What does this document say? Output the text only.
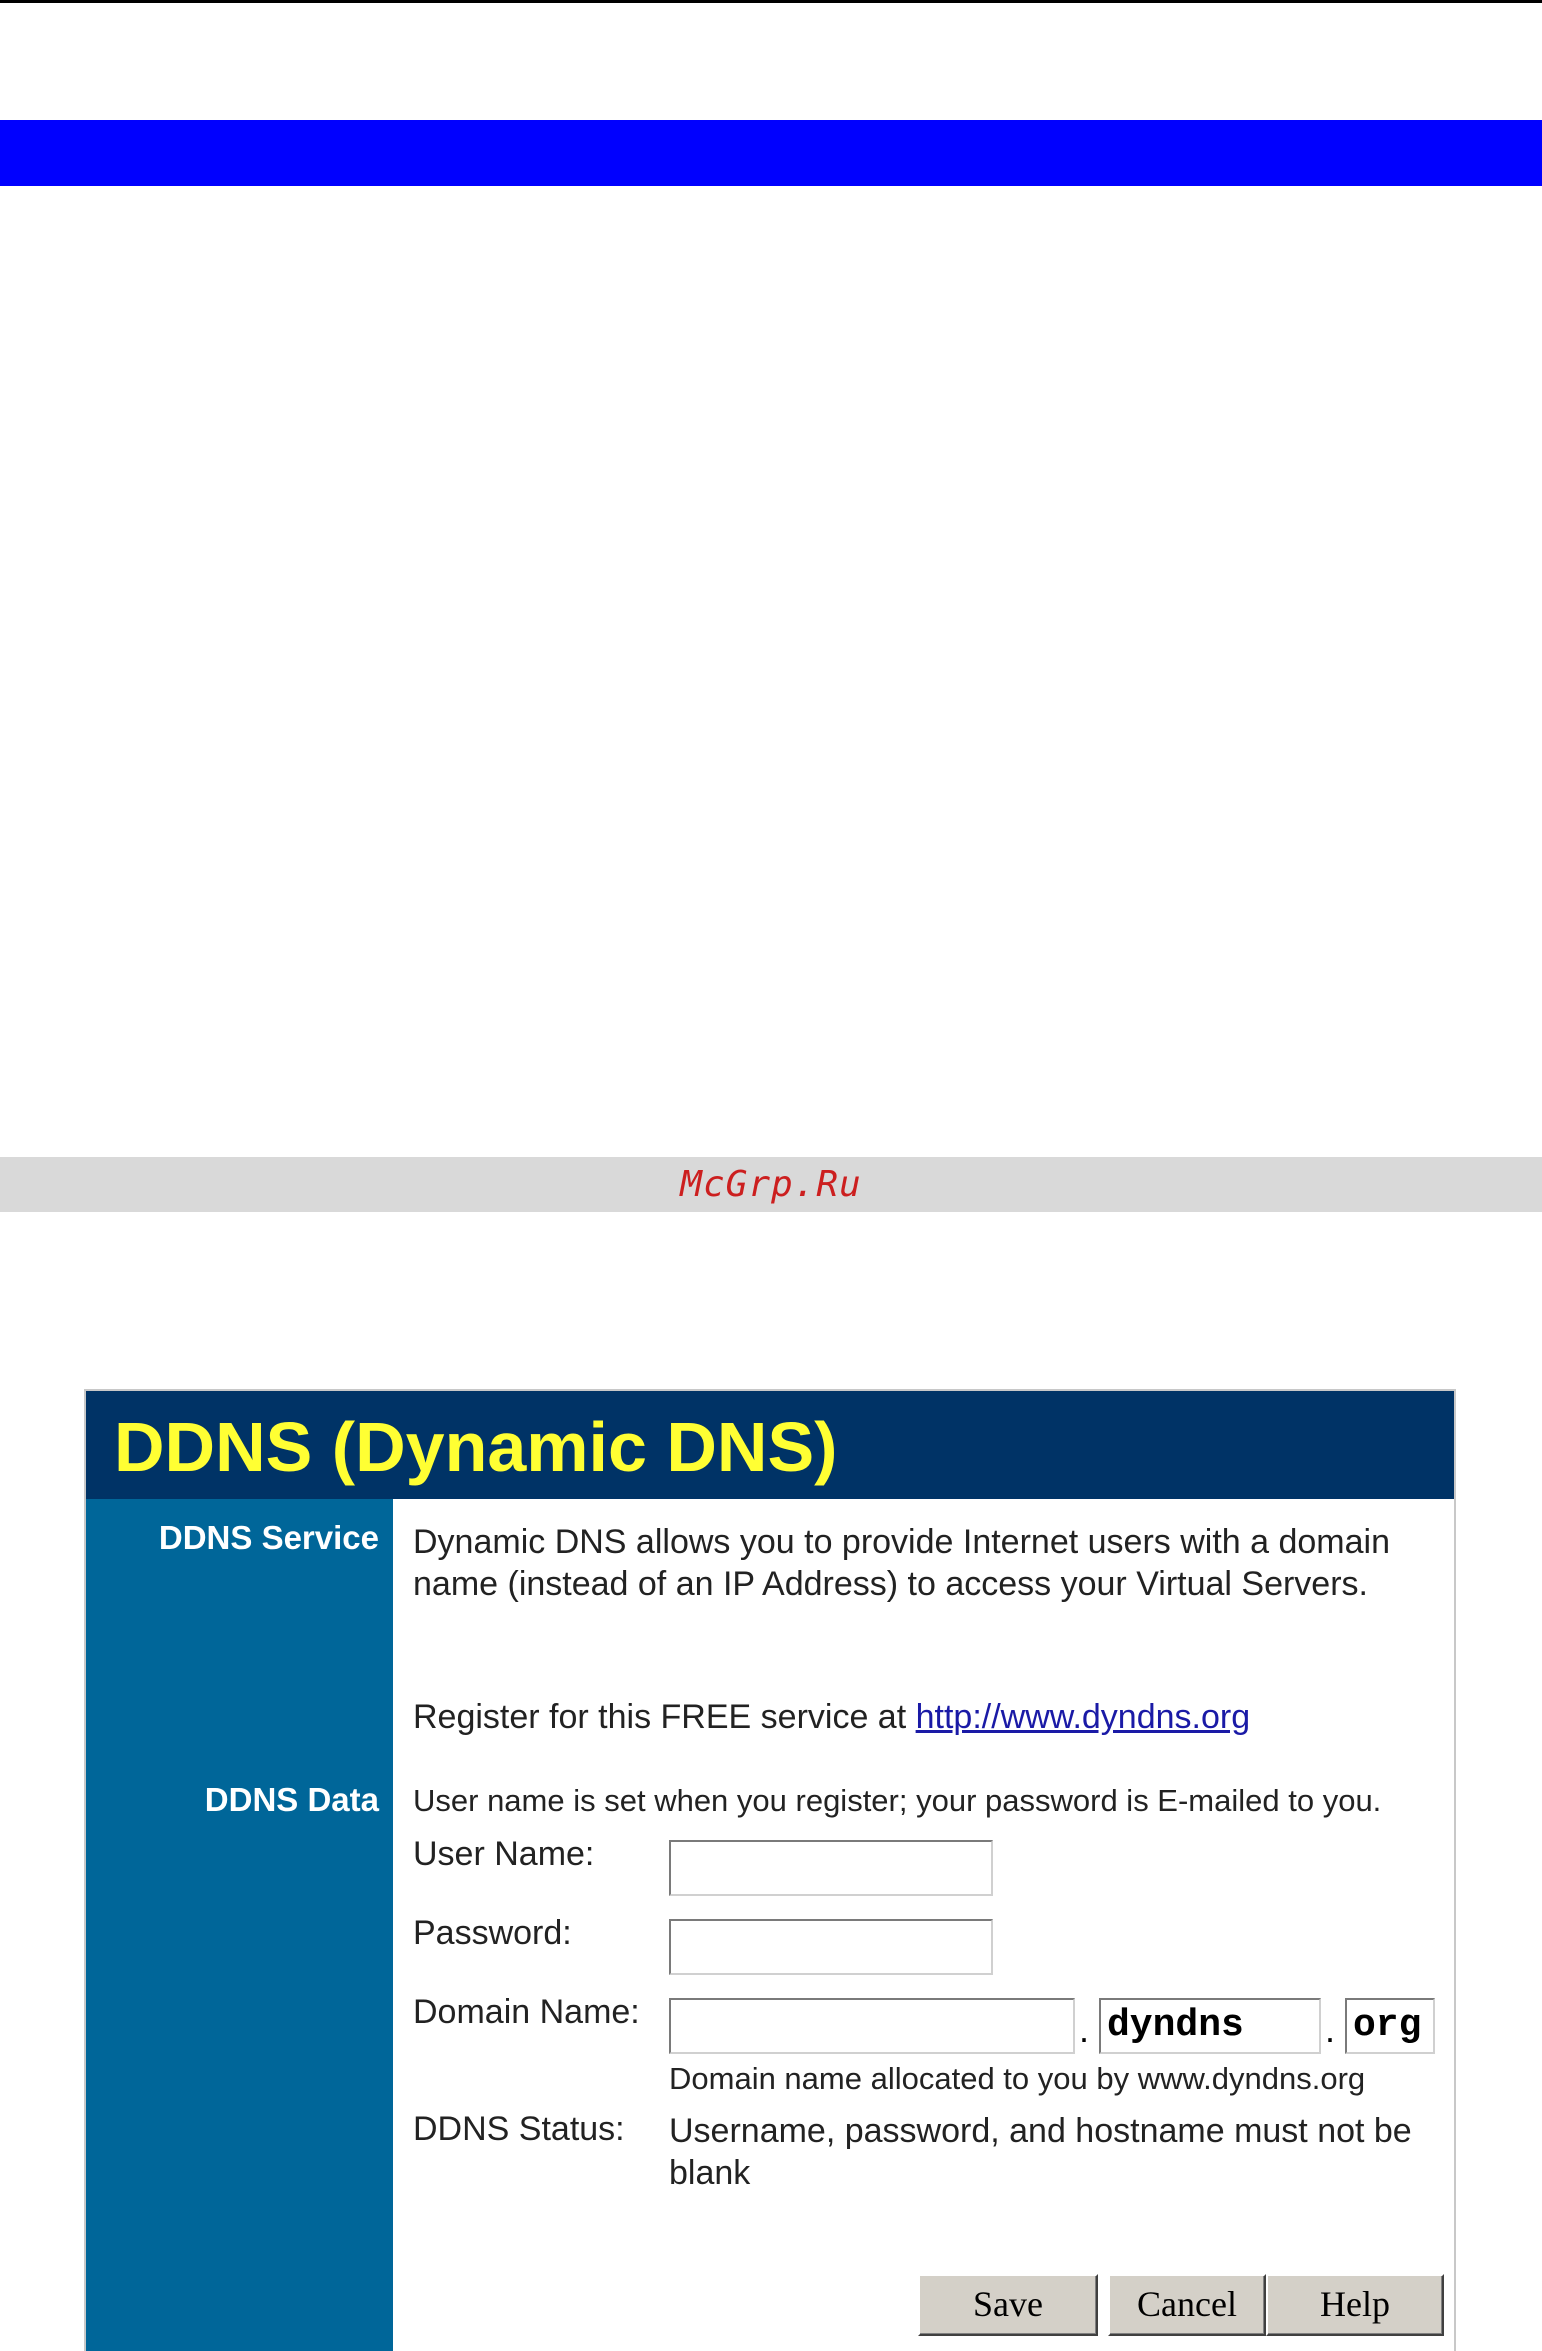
McGrp.Ru
DDNS (Dynamic DNS)
DDNS Service
DDNS Data
Dynamic DNS allows you to provide Internet users with a domain name (instead of an IP Address) to access your Virtual Servers.
Register for this FREE service at http://www.dyndns.org
User name is set when you register; your password is E-mailed to you.
User Name:
Password:
Domain Name:	. dyndns	. org
Domain name allocated to you by www.dyndns.org
DDNS Status: Username, password, and hostname must not be blank
Save	Cancel	Help
